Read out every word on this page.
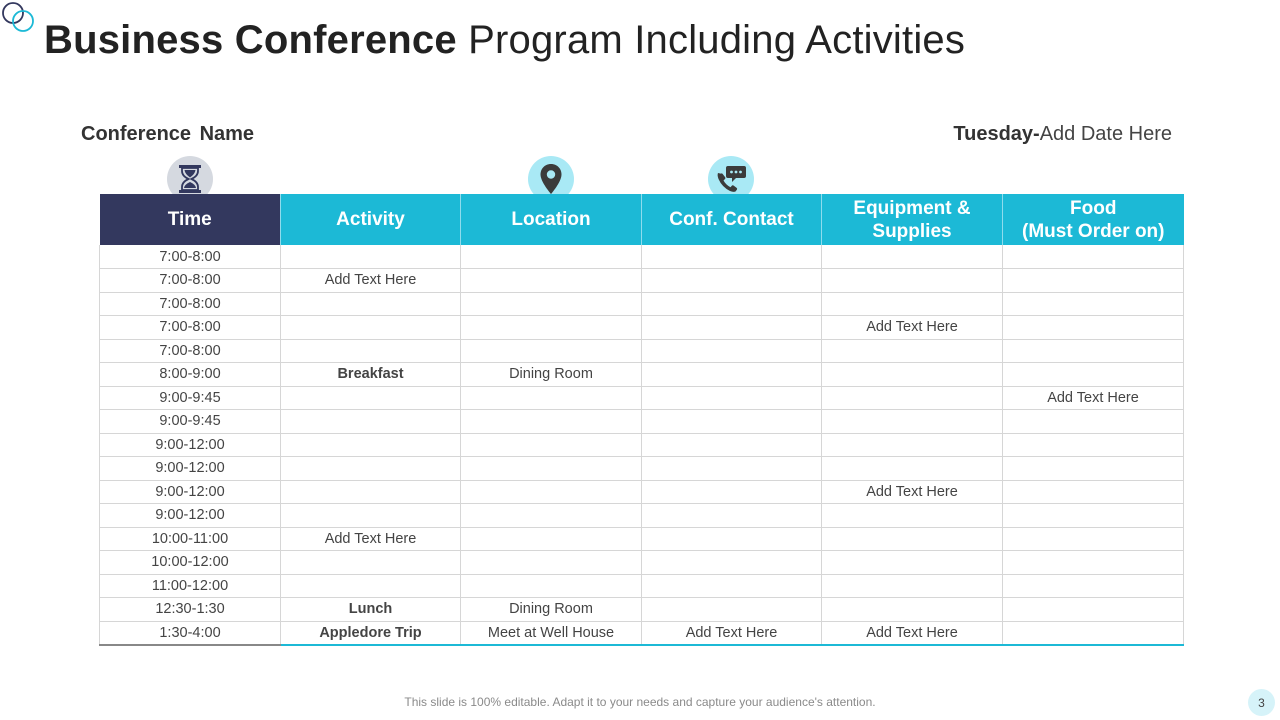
Business Conference Program Including Activities
Conference Name	Tuesday-Add Date Here
Time	Activity	Location	Conf. Contact	Equipment &
Supplies	Food
(Must Order on)
7:00-8:00					
7:00-8:00	Add Text Here				
7:00-8:00					
7:00-8:00				Add Text Here	
7:00-8:00					
8:00-9:00	Breakfast	Dining Room			
9:00-9:45					Add Text Here
9:00-9:45					
9:00-12:00					
9:00-12:00					
9:00-12:00				Add Text Here	
9:00-12:00					
10:00-11:00	Add Text Here				
10:00-12:00					
11:00-12:00					
12:30-1:30	Lunch	Dining Room			
1:30-4:00	Appledore Trip	Meet at Well House	Add Text Here	Add Text Here	
This slide is 100% editable. Adapt it to your needs and capture your audience's attention.	3
